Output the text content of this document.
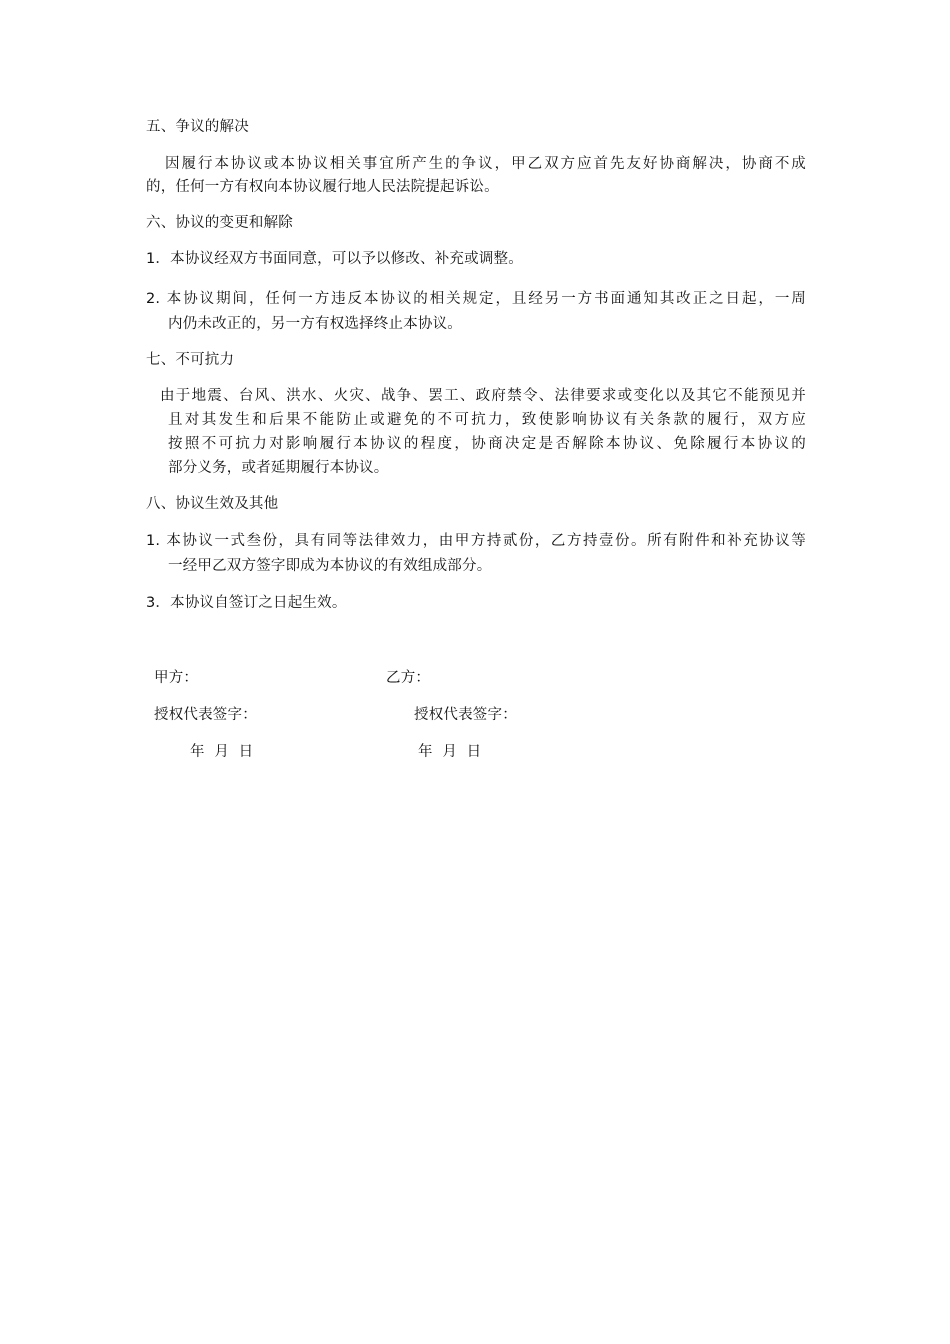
五、争议的解决
因履行本协议或本协议相关事宜所产生的争议，甲乙双方应首先友好协商解决，协商不成
的，任何一方有权向本协议履行地人民法院提起诉讼。
六、协议的变更和解除
1．本协议经双方书面同意，可以予以修改、补充或调整。
2. 本协议期间，任何一方违反本协议的相关规定，且经另一方书面通知其改正之日起，一周
内仍未改正的，另一方有权选择终止本协议。
七、不可抗力
由于地震、台风、洪水、火灾、战争、罢工、政府禁令、法律要求或变化以及其它不能预见并
且对其发生和后果不能防止或避免的不可抗力，致使影响协议有关条款的履行，双方应
按照不可抗力对影响履行本协议的程度，协商决定是否解除本协议、免除履行本协议的
部分义务，或者延期履行本协议。
八、协议生效及其他
1. 本协议一式叁份，具有同等法律效力，由甲方持贰份，乙方持壹份。所有附件和补充协议等
一经甲乙双方签字即成为本协议的有效组成部分。
3．本协议自签订之日起生效。
甲方：	乙方：
授权代表签字：	授权代表签字：
年  月  日	年  月  日
